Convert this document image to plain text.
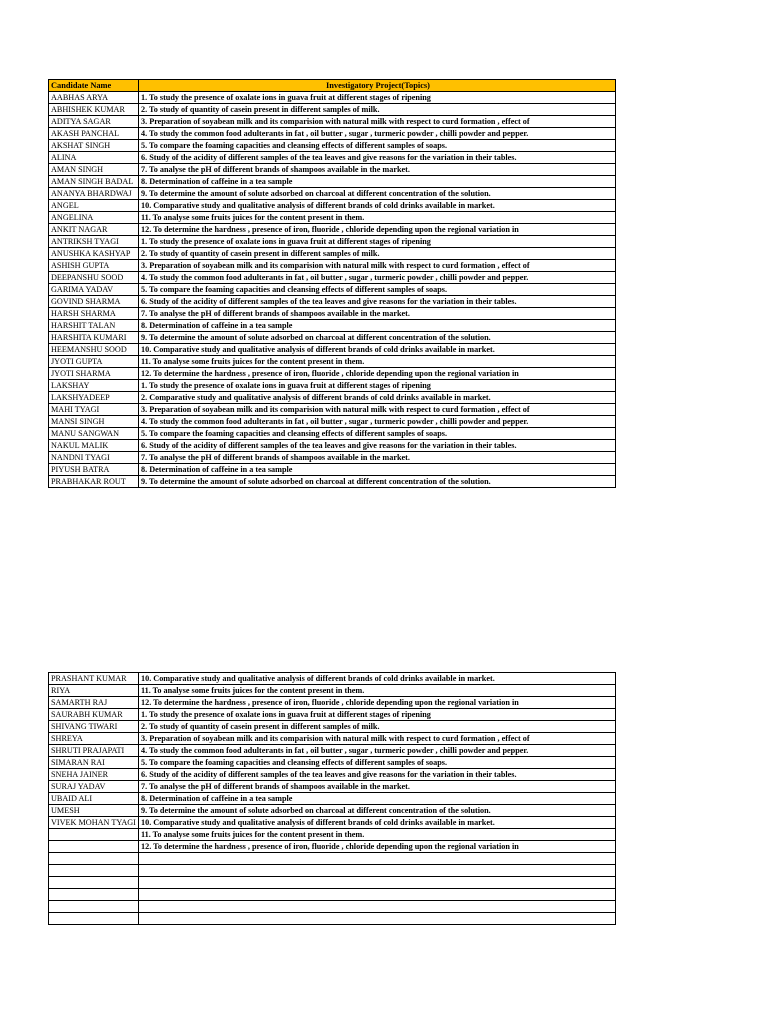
Candidate Name	Investigatory Project(Topics)
AABHAS ARYA	1. To study the presence of oxalate ions in guava fruit at different stages of ripening
ABHISHEK KUMAR	2. To study of quantity of casein present in different samples of milk.
ADITYA SAGAR	3. Preparation of soyabean milk and its comparision with natural milk with respect to curd formation , effect of
AKASH PANCHAL	4. To study the common food adulterants in fat , oil butter , sugar , turmeric powder , chilli powder and pepper.
AKSHAT SINGH	5. To compare the foaming capacities and cleansing effects of different samples of soaps.
ALINA	6. Study of the acidity of different samples of the tea leaves and give reasons for the variation in their tables.
AMAN SINGH	7. To analyse the pH of different brands of shampoos available in the market.
AMAN SINGH BADAL	8. Determination of caffeine in a tea sample
ANANYA BHARDWAJ	9. To determine the amount of solute adsorbed on charcoal at different concentration of the solution.
ANGEL	10. Comparative study and qualitative analysis of different brands of cold drinks available in market.
ANGELINA	11. To analyse some fruits juices for the content present in them.
ANKIT NAGAR	12. To determine the hardness , presence of iron, fluoride , chloride depending upon the regional variation in
ANTRIKSH TYAGI	1. To study the presence of oxalate ions in guava fruit at different stages of ripening
ANUSHKA KASHYAP	2. To study of quantity of casein present in different samples of milk.
ASHISH GUPTA	3. Preparation of soyabean milk and its comparision with natural milk with respect to curd formation , effect of
DEEPANSHU SOOD	4. To study the common food adulterants in fat , oil butter , sugar , turmeric powder , chilli powder and pepper.
GARIMA YADAV	5. To compare the foaming capacities and cleansing effects of different samples of soaps.
GOVIND SHARMA	6. Study of the acidity of different samples of the tea leaves and give reasons for the variation in their tables.
HARSH SHARMA	7. To analyse the pH of different brands of shampoos available in the market.
HARSHIT TALAN	8. Determination of caffeine in a tea sample
HARSHITA KUMARI	9. To determine the amount of solute adsorbed on charcoal at different concentration of the solution.
HEEMANSHU SOOD	10. Comparative study and qualitative analysis of different brands of cold drinks available in market.
JYOTI GUPTA	11. To analyse some fruits juices for the content present in them.
JYOTI SHARMA	12. To determine the hardness , presence of iron, fluoride , chloride depending upon the regional variation in
LAKSHAY	1. To study the presence of oxalate ions in guava fruit at different stages of ripening
LAKSHYADEEP	2. Comparative study and qualitative analysis of different brands of cold drinks available in market.
MAHI TYAGI	3. Preparation of soyabean milk and its comparision with natural milk with respect to curd formation , effect of
MANSI SINGH	4. To study the common food adulterants in fat , oil butter , sugar , turmeric powder , chilli powder and pepper.
MANU SANGWAN	5. To compare the foaming capacities and cleansing effects of different samples of soaps.
NAKUL MALIK	6. Study of the acidity of different samples of the tea leaves and give reasons for the variation in their tables.
NANDNI TYAGI	7. To analyse the pH of different brands of shampoos available in the market.
PIYUSH BATRA	8. Determination of caffeine in a tea sample
PRABHAKAR ROUT	9. To determine the amount of solute adsorbed on charcoal at different concentration of the solution.
PRASHANT KUMAR	10. Comparative study and qualitative analysis of different brands of cold drinks available in market.
RIYA	11. To analyse some fruits juices for the content present in them.
SAMARTH RAJ	12. To determine the hardness , presence of iron, fluoride , chloride depending upon the regional variation in
SAURABH KUMAR	1. To study the presence of oxalate ions in guava fruit at different stages of ripening
SHIVANG TIWARI	2. To study of quantity of casein present in different samples of milk.
SHREYA	3. Preparation of soyabean milk and its comparision with natural milk with respect to curd formation , effect of
SHRUTI PRAJAPATI	4. To study the common food adulterants in fat , oil butter , sugar , turmeric powder , chilli powder and pepper.
SIMARAN RAI	5. To compare the foaming capacities and cleansing effects of different samples of soaps.
SNEHA JAINER	6. Study of the acidity of different samples of the tea leaves and give reasons for the variation in their tables.
SURAJ YADAV	7. To analyse the pH of different brands of shampoos available in the market.
UBAID ALI	8. Determination of caffeine in a tea sample
UMESH	9. To determine the amount of solute adsorbed on charcoal at different concentration of the solution.
VIVEK MOHAN TYAGI	10. Comparative study and qualitative analysis of different brands of cold drinks available in market.
	11. To analyse some fruits juices for the content present in them.
	12. To determine the hardness , presence of iron, fluoride , chloride depending upon the regional variation in
